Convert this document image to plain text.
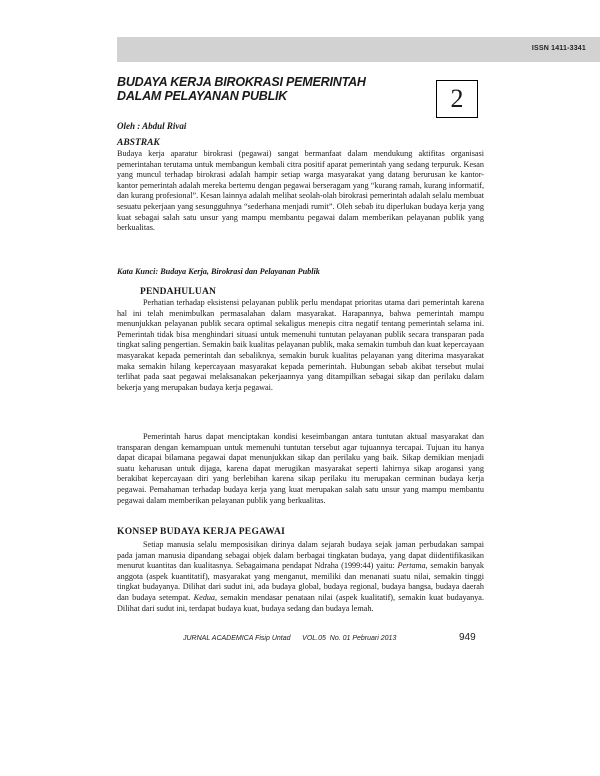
ISSN 1411-3341
BUDAYA KERJA BIROKRASI PEMERINTAH
DALAM PELAYANAN PUBLIK	2
Oleh : Abdul Rivai
ABSTRAK

Budaya kerja aparatur birokrasi (pegawai) sangat bermanfaat dalam mendukung aktifitas organisasi pemerintahan terutama untuk membangun kembali citra positif aparat pemerintah yang sedang terpuruk. Kesan yang muncul terhadap birokrasi adalah hampir setiap warga masyarakat yang datang berurusan ke kantor-kantor pemerintah adalah mereka bertemu dengan pegawai berseragam yang “kurang ramah, kurang informatif, dan kurang profesional”. Kesan lainnya adalah melihat seolah-olah birokrasi pemerintah adalah selalu membuat sesuatu pekerjaan yang sesungguhnya “sederhana menjadi rumit”. Oleh sebab itu diperlukan budaya kerja yang kuat sebagai salah satu unsur yang mampu membantu pegawai dalam memberikan pelayanan publik yang berkualitas.

Kata Kunci: Budaya Kerja, Birokrasi dan Pelayanan Publik
PENDAHULUAN

Perhatian terhadap eksistensi pelayanan publik perlu mendapat prioritas utama dari pemerintah karena hal ini telah menimbulkan permasalahan dalam masyarakat. Harapannya, bahwa pemerintah mampu menunjukkan pelayanan publik secara optimal sekaligus menepis citra negatif tentang pemerintah selama ini. Pemerintah tidak bisa menghindari situasi untuk memenuhi tuntutan pelayanan publik secara transparan pada tingkat saling pengertian. Semakin baik kualitas pelayanan publik, maka semakin tumbuh dan kuat kepercayaan masyarakat kepada pemerintah dan sebaliknya, semakin buruk kualitas pelayanan yang diterima masyarakat maka semakin hilang kepercayaan masyarakat kepada pemerintah. Hubungan sebab akibat tersebut mulai terlihat pada saat pegawai melaksanakan pekerjaannya yang ditampilkan sebagai sikap dan perilaku dalam bekerja yang merupakan budaya kerja pegawai.

Pemerintah harus dapat menciptakan kondisi keseimbangan antara tuntutan aktual masyarakat dan transparan dengan kemampuan untuk memenuhi tuntutan tersebut agar tujuannya tercapai. Tujuan itu hanya dapat dicapai bilamana pegawai dapat menunjukkan sikap dan perilaku yang baik. Sikap demikian menjadi suatu keharusan untuk dijaga, karena dapat merugikan masyarakat seperti lahirnya sikap arogansi yang berakibat kepercayaan diri yang berlebihan karena sikap perilaku itu merupakan cerminan budaya kerja pegawai. Pemahaman terhadap budaya kerja yang kuat merupakan salah satu unsur yang mampu membantu pegawai dalam memberikan pelayanan publik yang berkualitas.

KONSEP BUDAYA KERJA PEGAWAI

Setiap manusia selalu memposisikan dirinya dalam sejarah budaya sejak jaman perbudakan sampai pada jaman manusia dipandang sebagai objek dalam berbagai tingkatan budaya, yang dapat diidentifikasikan menurut kuantitas dan kualitasnya. Sebagaimana pendapat Ndraha (1999:44) yaitu: Pertama, semakin banyak anggota (aspek kuantitatif), masyarakat yang menganut, memiliki dan menanati suatu nilai, semakin tinggi tingkat budayanya. Dilihat dari sudut ini, ada budaya global, budaya regional, budaya bangsa, budaya daerah dan budaya setempat. Kedua, semakin mendasar penataan nilai (aspek kualitatif), semakin kuat budayanya. Dilihat dari sudut ini, terdapat budaya kuat, budaya sedang dan budaya lemah.

JURNAL ACADEMICA Fisip Untad      VOL.05  No. 01 Pebruari 2013	949
